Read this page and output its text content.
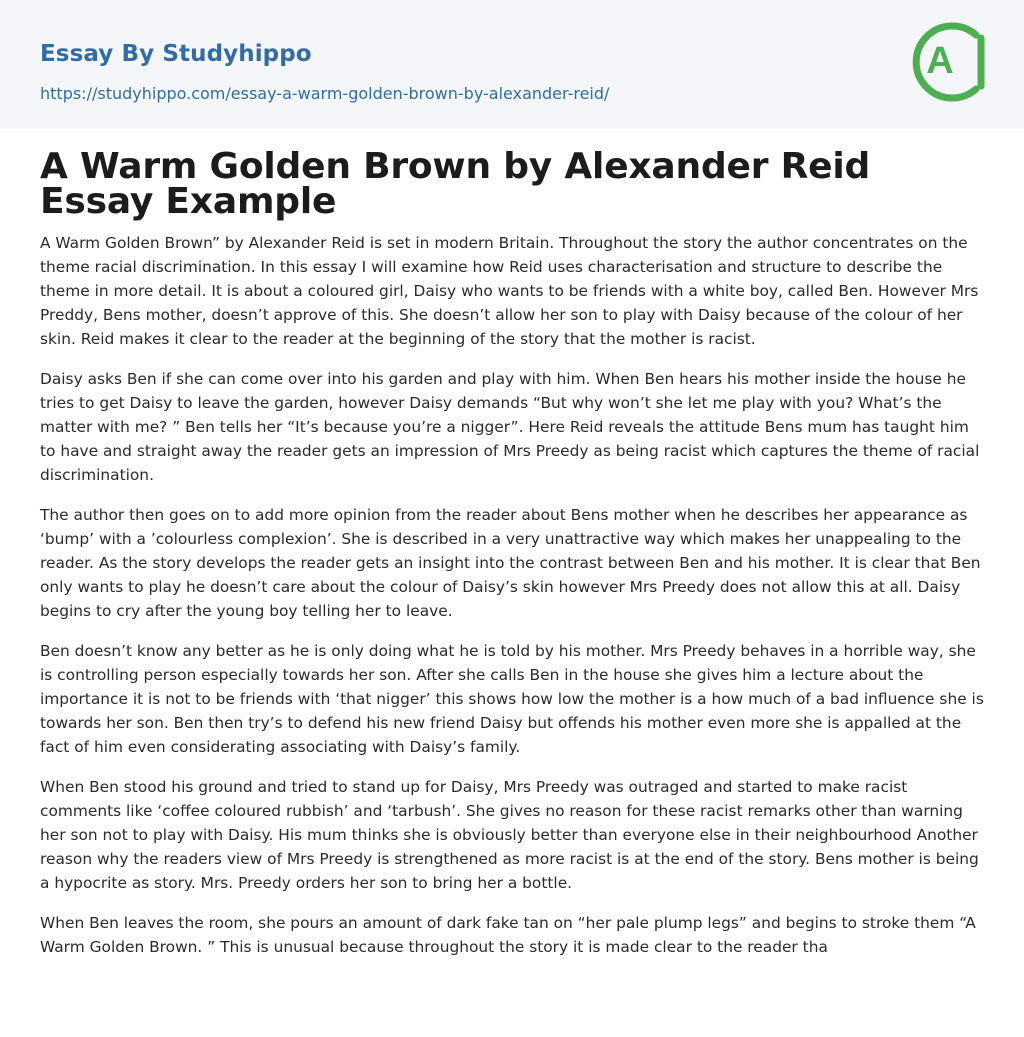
Essay By Studyhippo
https://studyhippo.com/essay-a-warm-golden-brown-by-alexander-reid/
A
A Warm Golden Brown by Alexander Reid Essay Example

A Warm Golden Brown” by Alexander Reid is set in modern Britain. Throughout the story the author concentrates on the theme racial discrimination. In this essay I will examine how Reid uses characterisation and structure to describe the theme in more detail. It is about a coloured girl, Daisy who wants to be friends with a white boy, called Ben. However Mrs Preddy, Bens mother, doesn’t approve of this. She doesn’t allow her son to play with Daisy because of the colour of her skin. Reid makes it clear to the reader at the beginning of the story that the mother is racist.

Daisy asks Ben if she can come over into his garden and play with him. When Ben hears his mother inside the house he tries to get Daisy to leave the garden, however Daisy demands “But why won’t she let me play with you? What’s the matter with me? ” Ben tells her “It’s because you’re a nigger”. Here Reid reveals the attitude Bens mum has taught him to have and straight away the reader gets an impression of Mrs Preedy as being racist which captures the theme of racial discrimination.

The author then goes on to add more opinion from the reader about Bens mother when he describes her appearance as ‘bump’ with a ’colourless complexion’. She is described in a very unattractive way which makes her unappealing to the reader. As the story develops the reader gets an insight into the contrast between Ben and his mother. It is clear that Ben only wants to play he doesn’t care about the colour of Daisy’s skin however Mrs Preedy does not allow this at all. Daisy begins to cry after the young boy telling her to leave.

Ben doesn’t know any better as he is only doing what he is told by his mother. Mrs Preedy behaves in a horrible way, she is controlling person especially towards her son. After she calls Ben in the house she gives him a lecture about the importance it is not to be friends with ‘that nigger’ this shows how low the mother is a how much of a bad influence she is towards her son. Ben then try’s to defend his new friend Daisy but offends his mother even more she is appalled at the fact of him even considerating associating with Daisy’s family.

When Ben stood his ground and tried to stand up for Daisy, Mrs Preedy was outraged and started to make racist comments like ‘coffee coloured rubbish’ and ‘tarbush’. She gives no reason for these racist remarks other than warning her son not to play with Daisy. His mum thinks she is obviously better than everyone else in their neighbourhood Another reason why the readers view of Mrs Preedy is strengthened as more racist is at the end of the story. Bens mother is being a hypocrite as story. Mrs. Preedy orders her son to bring her a bottle.

When Ben leaves the room, she pours an amount of dark fake tan on “her pale plump legs” and begins to stroke them “A Warm Golden Brown. ” This is unusual because throughout the story it is made clear to the reader tha
